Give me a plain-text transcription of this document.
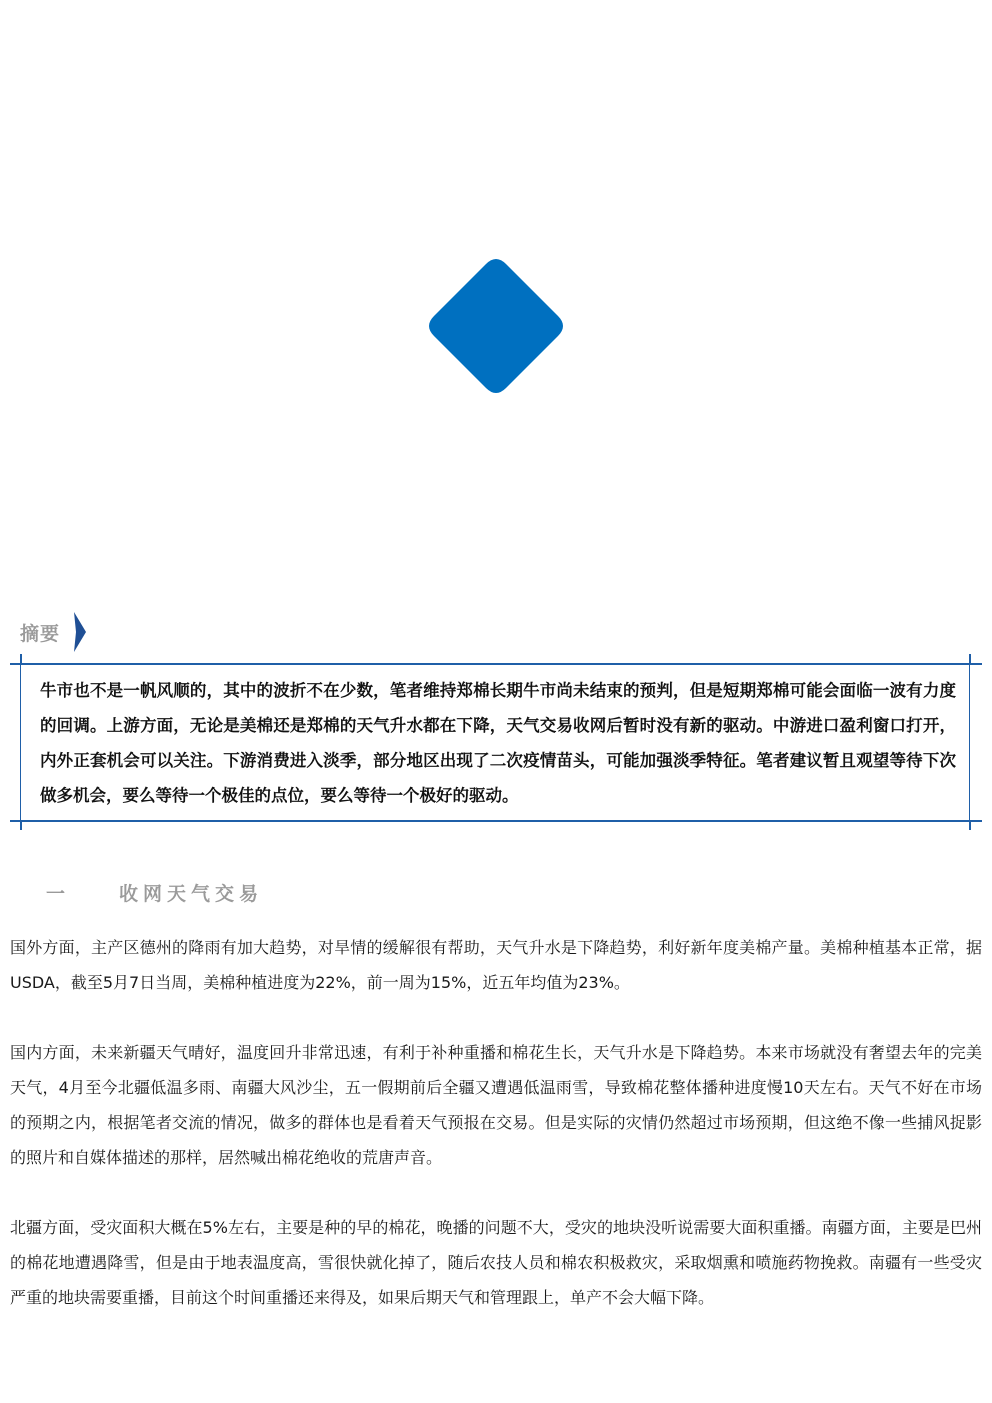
摘要

牛市也不是一帆风顺的，其中的波折不在少数，笔者维持郑棉长期牛市尚未结束的预判，但是短期郑棉可能会面临一波有力度的回调。上游方面，无论是美棉还是郑棉的天气升水都在下降，天气交易收网后暂时没有新的驱动。中游进口盈利窗口打开，内外正套机会可以关注。下游消费进入淡季，部分地区出现了二次疫情苗头，可能加强淡季特征。笔者建议暂且观望等待下次做多机会，要么等待一个极佳的点位，要么等待一个极好的驱动。

一	收网天气交易

国外方面，主产区德州的降雨有加大趋势，对旱情的缓解很有帮助，天气升水是下降趋势，利好新年度美棉产量。美棉种植基本正常，据USDA，截至5月7日当周，美棉种植进度为22%，前一周为15%，近五年均值为23%。

国内方面，未来新疆天气晴好，温度回升非常迅速，有利于补种重播和棉花生长，天气升水是下降趋势。本来市场就没有奢望去年的完美天气，4月至今北疆低温多雨、南疆大风沙尘，五一假期前后全疆又遭遇低温雨雪，导致棉花整体播种进度慢10天左右。天气不好在市场的预期之内，根据笔者交流的情况，做多的群体也是看着天气预报在交易。但是实际的灾情仍然超过市场预期，但这绝不像一些捕风捉影的照片和自媒体描述的那样，居然喊出棉花绝收的荒唐声音。

北疆方面，受灾面积大概在5%左右，主要是种的早的棉花，晚播的问题不大，受灾的地块没听说需要大面积重播。南疆方面，主要是巴州的棉花地遭遇降雪，但是由于地表温度高，雪很快就化掉了，随后农技人员和棉农积极救灾，采取烟熏和喷施药物挽救。南疆有一些受灾严重的地块需要重播，目前这个时间重播还来得及，如果后期天气和管理跟上，单产不会大幅下降。
